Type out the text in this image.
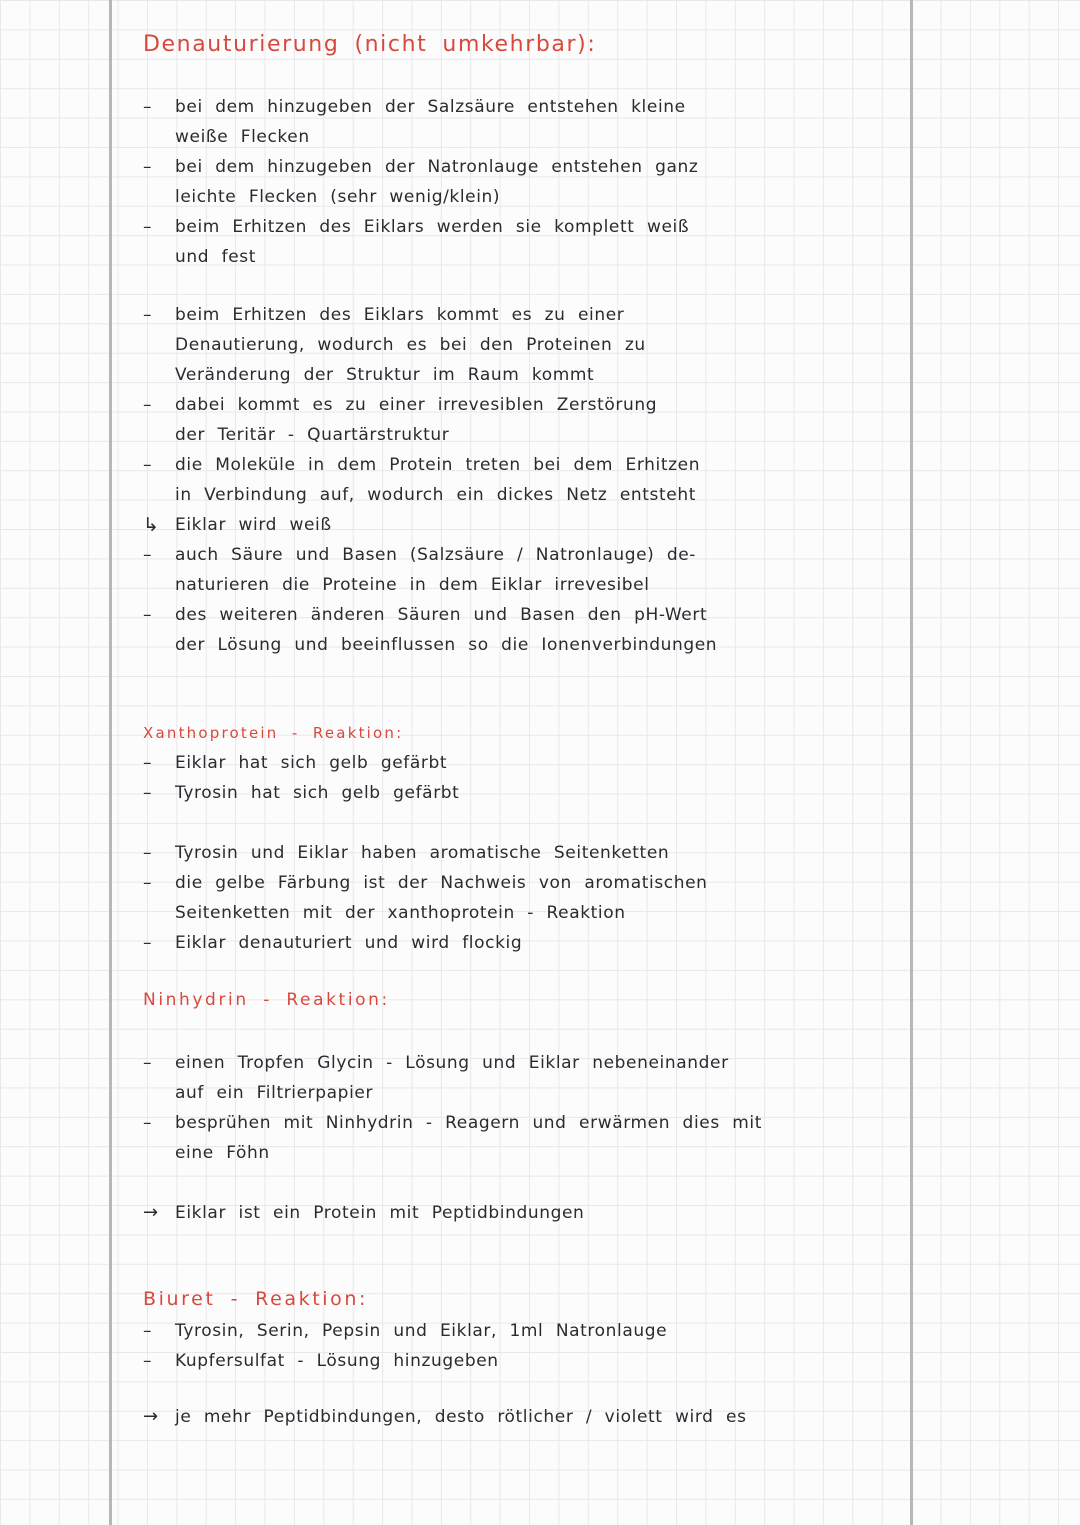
Denauturierung (nicht umkehrbar):
–	bei dem hinzugeben der Salzsäure entstehen kleine
weiße Flecken
–	bei dem hinzugeben der Natronlauge entstehen ganz
leichte Flecken (sehr wenig/klein)
–	beim Erhitzen des Eiklars werden sie komplett weiß
und fest
–	beim Erhitzen des Eiklars kommt es zu einer
Denautierung, wodurch es bei den Proteinen zu
Veränderung der Struktur im Raum kommt
–	dabei kommt es zu einer irrevesiblen Zerstörung
der Teritär - Quartärstruktur
–	die Moleküle in dem Protein treten bei dem Erhitzen
in Verbindung auf, wodurch ein dickes Netz entsteht
↳ Eiklar wird weiß
–	auch Säure und Basen (Salzsäure / Natronlauge) de-
naturieren die Proteine in dem Eiklar irrevesibel
–	des weiteren änderen Säuren und Basen den pH-Wert
der Lösung und beeinflussen so die Ionenverbindungen
Xanthoprotein - Reaktion:
–	Eiklar hat sich gelb gefärbt
–	Tyrosin hat sich gelb gefärbt
–	Tyrosin und Eiklar haben aromatische Seitenketten
–	die gelbe Färbung ist der Nachweis von aromatischen
Seitenketten mit der xanthoprotein - Reaktion
–	Eiklar denauturiert und wird flockig
Ninhydrin - Reaktion:
–	einen Tropfen Glycin - Lösung und Eiklar nebeneinander
auf ein Filtrierpapier
–	besprühen mit Ninhydrin - Reagern und erwärmen dies mit
eine Föhn
→ Eiklar ist ein Protein mit Peptidbindungen
Biuret - Reaktion:
–	Tyrosin, Serin, Pepsin und Eiklar, 1ml Natronlauge
–	Kupfersulfat - Lösung hinzugeben
→ je mehr Peptidbindungen, desto rötlicher / violett wird es
